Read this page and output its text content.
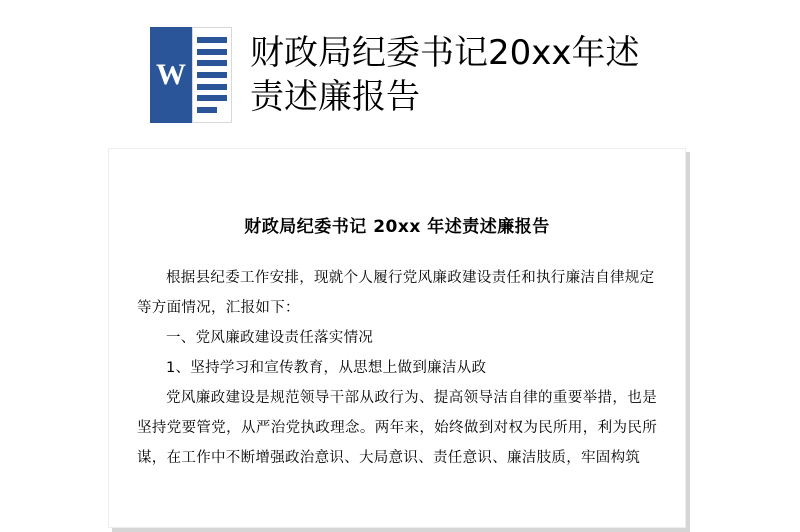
W
财政局纪委书记20xx年述责述廉报告
财政局纪委书记 20xx 年述责述廉报告

根据县纪委工作安排，现就个人履行党风廉政建设责任和执行廉洁自律规定等方面情况，汇报如下：

一、党风廉政建设责任落实情况

1、坚持学习和宣传教育，从思想上做到廉洁从政

党风廉政建设是规范领导干部从政行为、提高领导洁自律的重要举措，也是坚持党要管党，从严治党执政理念。两年来，始终做到对权为民所用，利为民所谋，在工作中不断增强政治意识、大局意识、责任意识、廉洁肢质，牢固构筑
